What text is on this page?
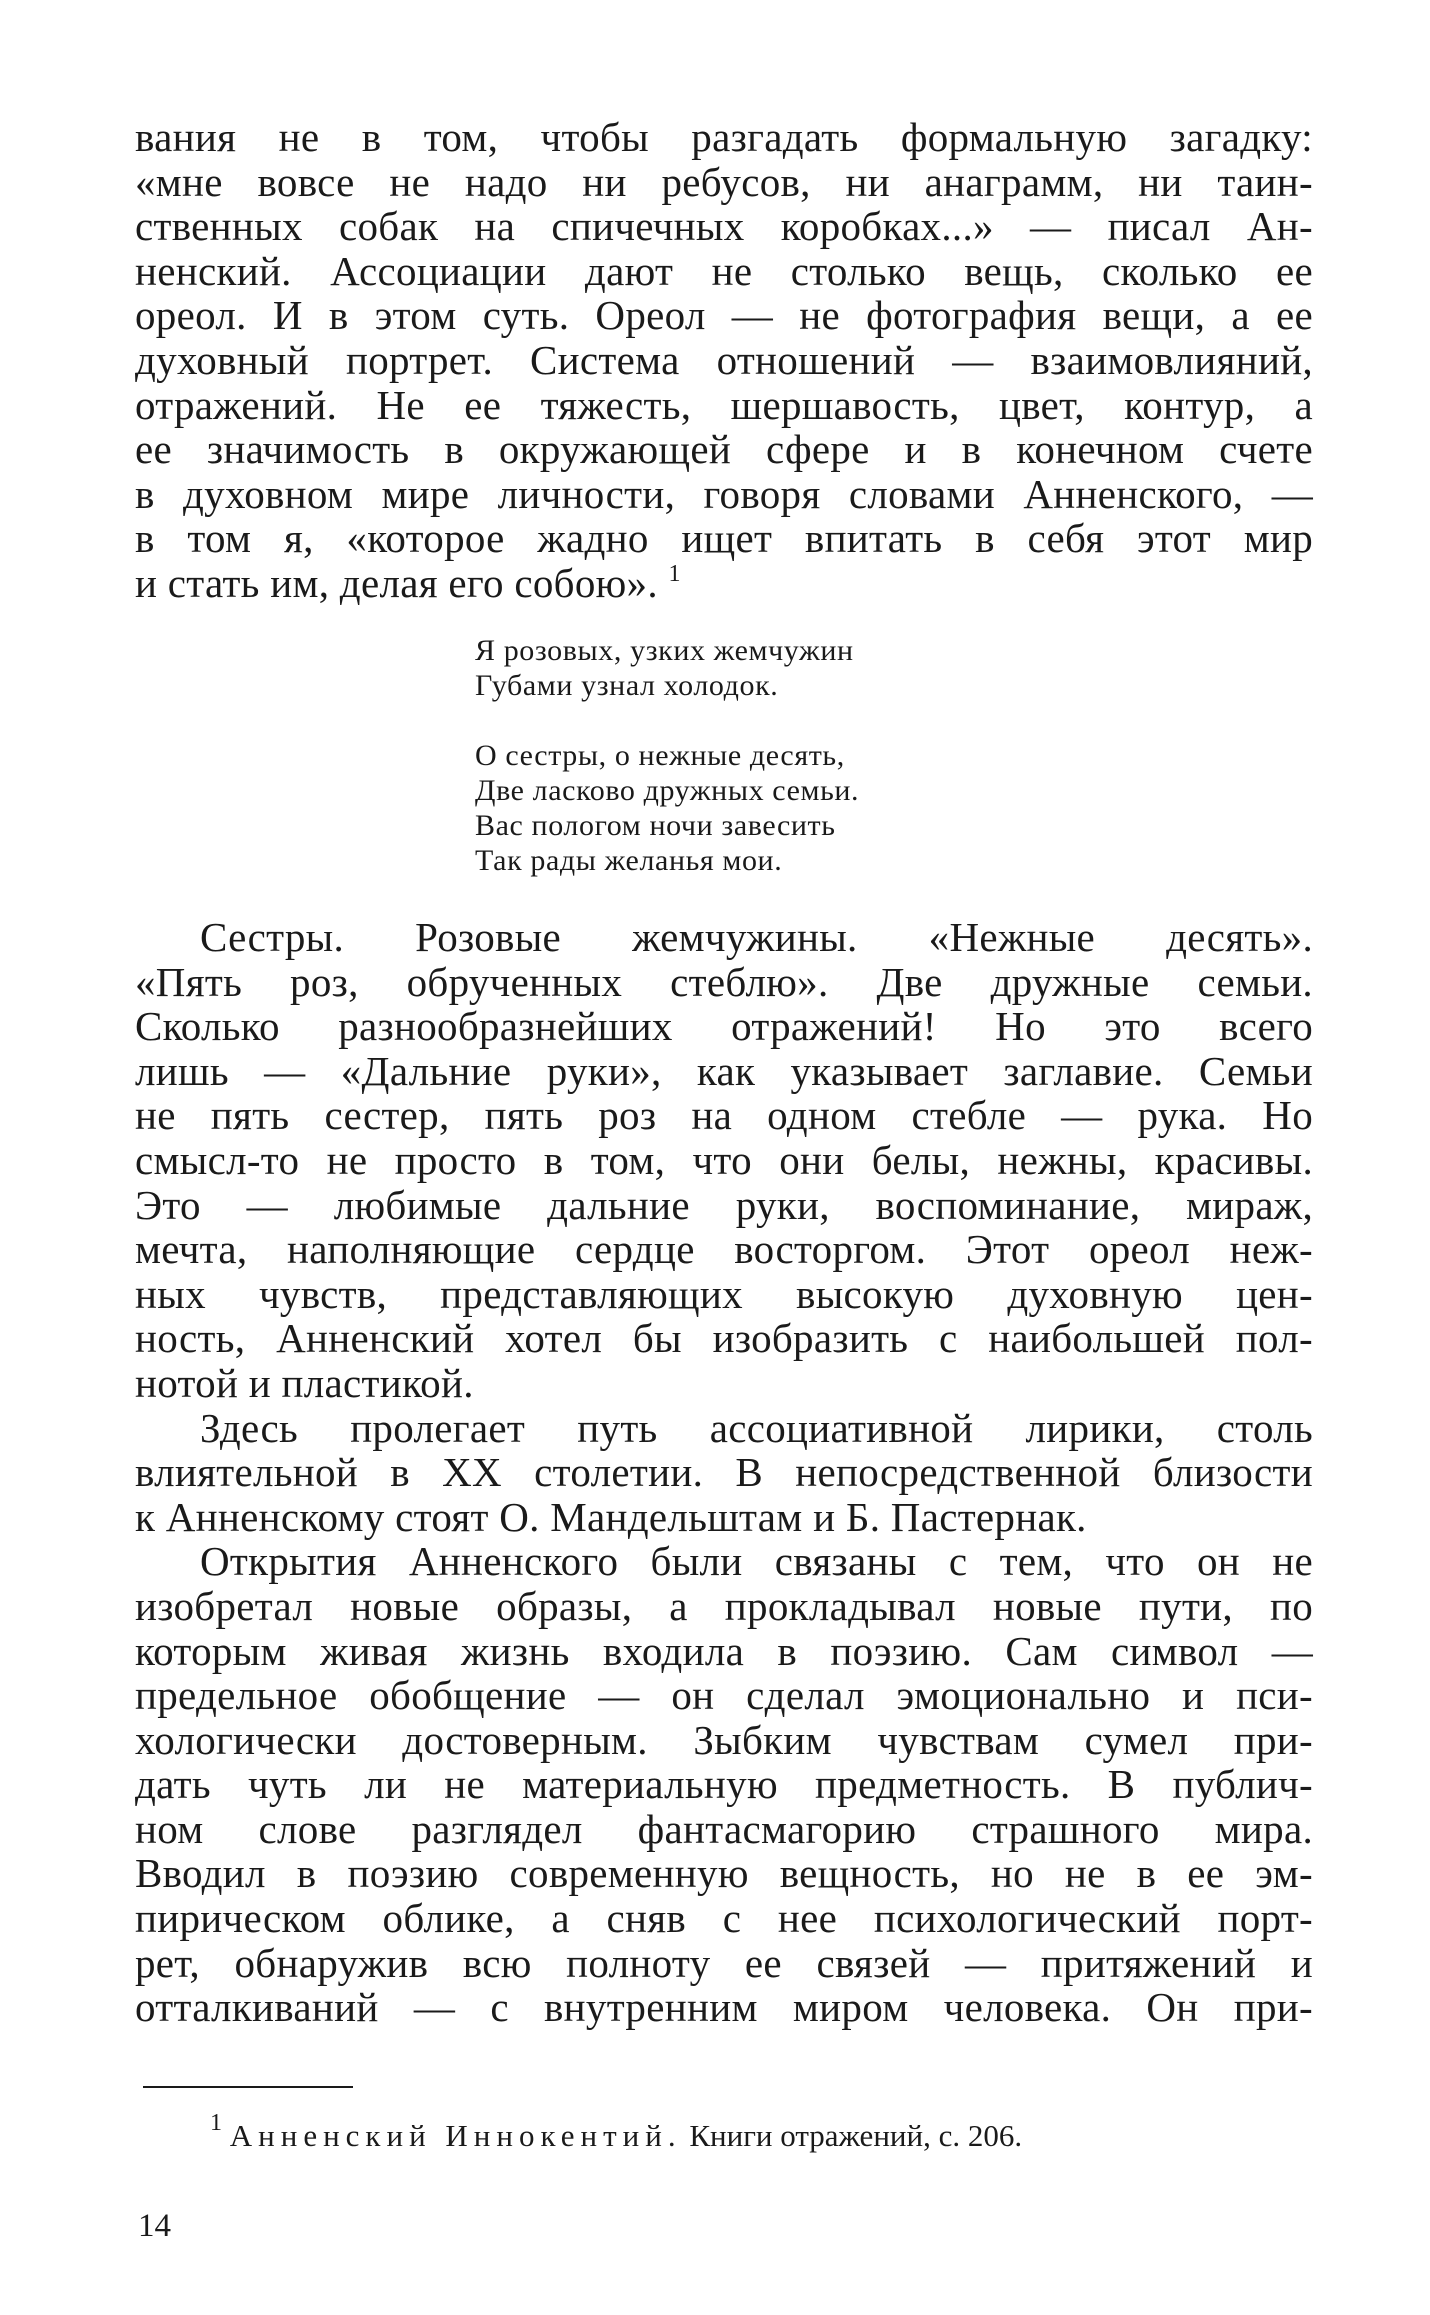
вания не в том, чтобы разгадать формальную загадку:
«мне вовсе не надо ни ребусов, ни анаграмм, ни таин-
ственных собак на спичечных коробках...» — писал Ан-
ненский. Ассоциации дают не столько вещь, сколько ее
ореол. И в этом суть. Ореол — не фотография вещи, а ее
духовный портрет. Система отношений — взаимовлияний,
отражений. Не ее тяжесть, шершавость, цвет, контур, а
ее значимость в окружающей сфере и в конечном счете
в духовном мире личности, говоря словами Анненского, —
в том я, «которое жадно ищет впитать в себя этот мир
и стать им, делая его собою». $^1$
Я розовых, узких жемчужин
Губами узнал холодок.
О сестры, о нежные десять,
Две ласково дружных семьи.
Вас пологом ночи завесить
Так рады желанья мои.
Сестры. Розовые жемчужины. «Нежные десять».
«Пять роз, обрученных стеблю». Две дружные семьи.
Сколько разнообразнейших отражений! Но это всего
лишь — «Дальние руки», как указывает заглавие. Семьи
не пять сестер, пять роз на одном стебле — рука. Но
смысл-то не просто в том, что они белы, нежны, красивы.
Это — любимые дальние руки, воспоминание, мираж,
мечта, наполняющие сердце восторгом. Этот ореол неж-
ных чувств, представляющих высокую духовную цен-
ность, Анненский хотел бы изобразить с наибольшей пол-
нотой и пластикой.
Здесь пролегает путь ассоциативной лирики, столь
влиятельной в XX столетии. В непосредственной близости
к Анненскому стоят О. Мандельштам и Б. Пастернак.
Открытия Анненского были связаны с тем, что он не
изобретал новые образы, а прокладывал новые пути, по
которым живая жизнь входила в поэзию. Сам символ —
предельное обобщение — он сделал эмоционально и пси-
хологически достоверным. Зыбким чувствам сумел при-
дать чуть ли не материальную предметность. В публич-
ном слове разглядел фантасмагорию страшного мира.
Вводил в поэзию современную вещность, но не в ее эм-
пирическом облике, а сняв с нее психологический порт-
рет, обнаружив всю полноту ее связей — притяжений и
отталкиваний — с внутренним миром человека. Он при-
$^1$ Анненский Иннокентий. Книги отражений, с. 206.
14
